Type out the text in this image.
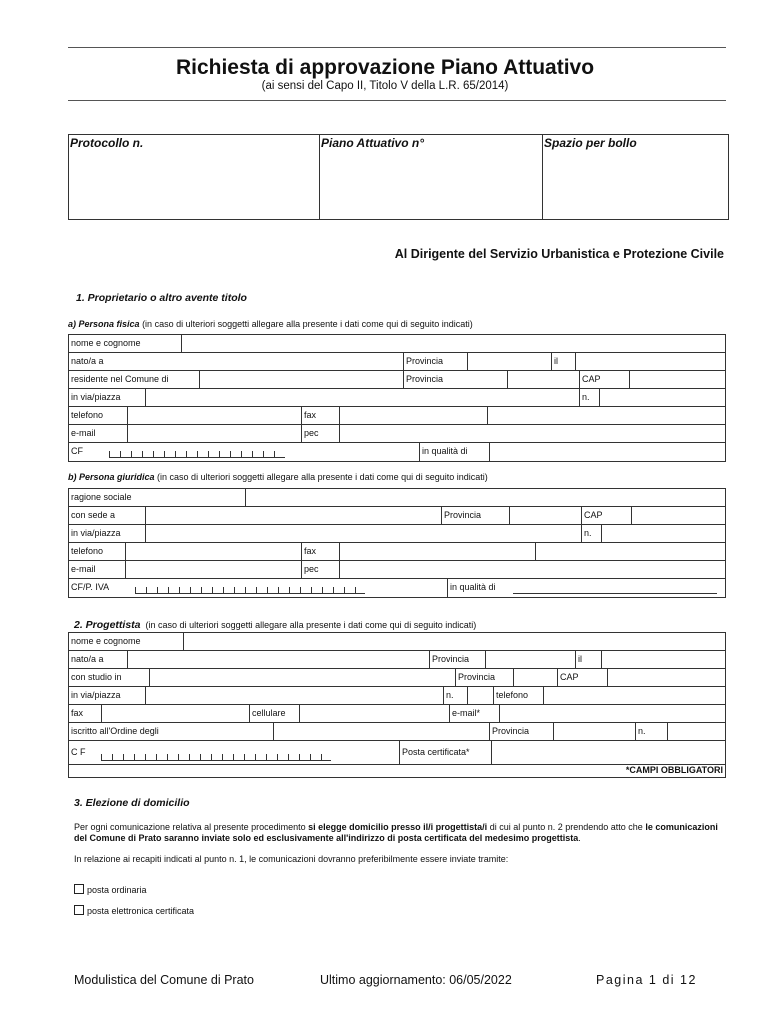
Richiesta di approvazione Piano Attuativo
(ai sensi del Capo II, Titolo V della L.R. 65/2014)
Protocollo n.	Piano Attuativo n°	Spazio per bollo
Al Dirigente del Servizio Urbanistica e Protezione Civile
1. Proprietario o altro avente titolo
a) Persona fisica (in caso di ulteriori soggetti allegare alla presente i dati come qui di seguito indicati)
nome e cognome
nato/a a	Provincia	il
residente nel Comune di	Provincia	CAP
in via/piazza	n.
telefono	fax
e-mail	pec
CF	in qualità di
b) Persona giuridica (in caso di ulteriori soggetti allegare alla presente i dati come qui di seguito indicati)
ragione sociale
con sede a	Provincia	CAP
in via/piazza	n.
telefono	fax
e-mail	pec
CF/P. IVA	in qualità di
2. Progettista (in caso di ulteriori soggetti allegare alla presente i dati come qui di seguito indicati)
nome e cognome
nato/a a	Provincia	il
con studio in	Provincia	CAP
in via/piazza	n.	telefono
fax	cellulare	e-mail*
iscritto all'Ordine degli	Provincia	n.
C F	Posta certificata*
*CAMPI OBBLIGATORI
3. Elezione di domicilio
Per ogni comunicazione relativa al presente procedimento si elegge domicilio presso il/i progettista/i di cui al punto n. 2 prendendo atto che le comunicazioni del Comune di Prato saranno inviate solo ed esclusivamente all'indirizzo di posta certificata del medesimo progettista.
In relazione ai recapiti indicati al punto n. 1, le comunicazioni dovranno preferibilmente essere inviate tramite:
posta ordinaria
posta elettronica certificata
Modulistica del Comune di Prato	Ultimo aggiornamento: 06/05/2022	Pagina 1 di 12
